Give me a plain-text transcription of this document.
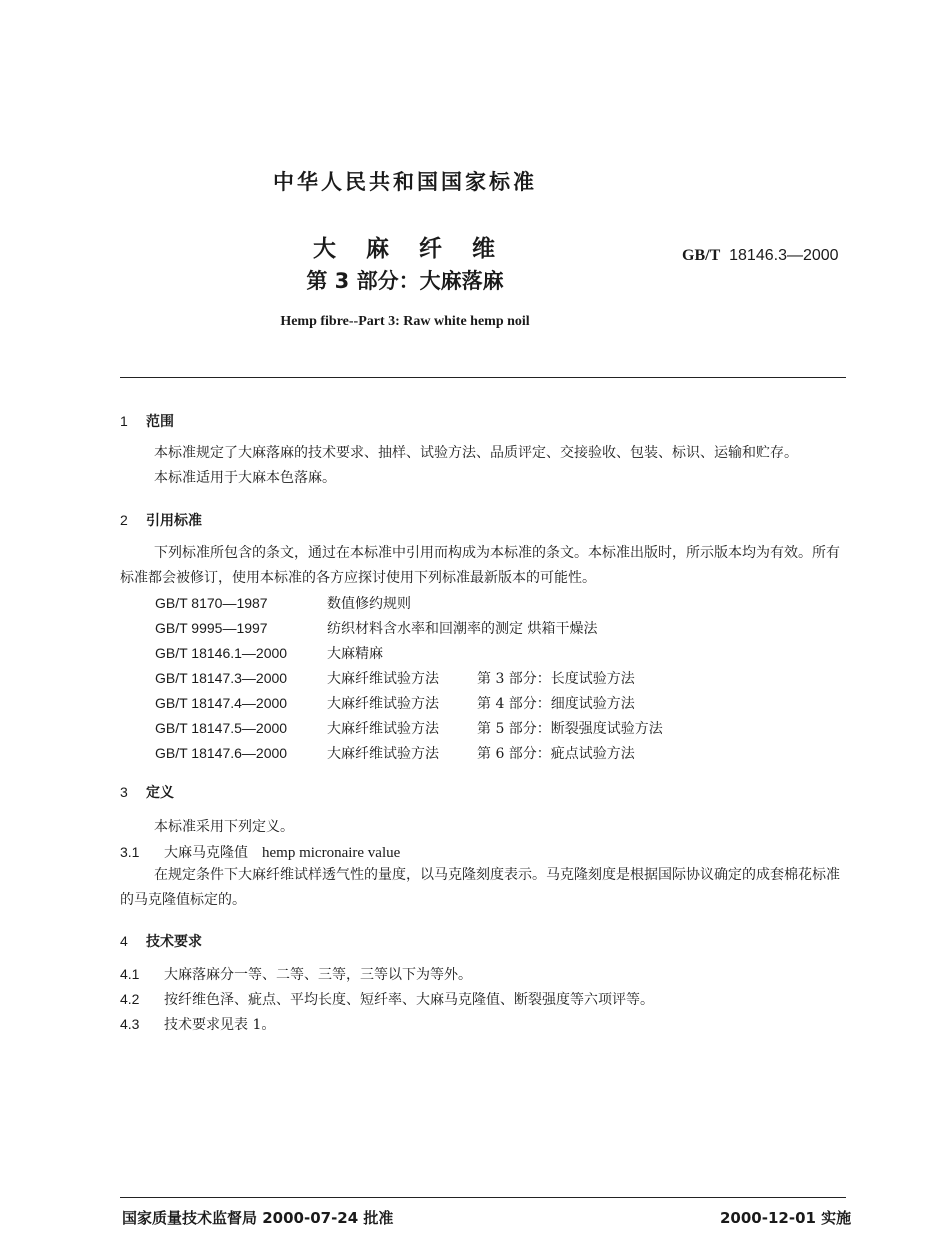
中华人民共和国国家标准
大 麻 纤 维
第 3 部分：大麻落麻
GB/T 18146.3—2000
Hemp fibre--Part 3: Raw white hemp noil
1 范围

本标准规定了大麻落麻的技术要求、抽样、试验方法、品质评定、交接验收、包装、标识、运输和贮存。

本标准适用于大麻本色落麻。

2 引用标准

下列标准所包含的条文，通过在本标准中引用而构成为本标准的条文。本标准出版时，所示版本均为有效。所有标准都会被修订，使用本标准的各方应探讨使用下列标准最新版本的可能性。

GB/T 8170—1987	数值修约规则
GB/T 9995—1997	纺织材料含水率和回潮率的测定 烘箱干燥法
GB/T 18146.1—2000	大麻精麻
GB/T 18147.3—2000	大麻纤维试验方法	第 3 部分：长度试验方法
GB/T 18147.4—2000	大麻纤维试验方法	第 4 部分：细度试验方法
GB/T 18147.5—2000	大麻纤维试验方法	第 5 部分：断裂强度试验方法
GB/T 18147.6—2000	大麻纤维试验方法	第 6 部分：疵点试验方法
3 定义

本标准采用下列定义。

3.1 大麻马克隆值 hemp micronaire value

在规定条件下大麻纤维试样透气性的量度，以马克隆刻度表示。马克隆刻度是根据国际协议确定的成套棉花标准的马克隆值标定的。

4 技术要求
4.1 大麻落麻分一等、二等、三等，三等以下为等外。
4.2 按纤维色泽、疵点、平均长度、短纤率、大麻马克隆值、断裂强度等六项评等。
4.3 技术要求见表 1。
国家质量技术监督局 2000-07-24 批准	2000-12-01 实施
